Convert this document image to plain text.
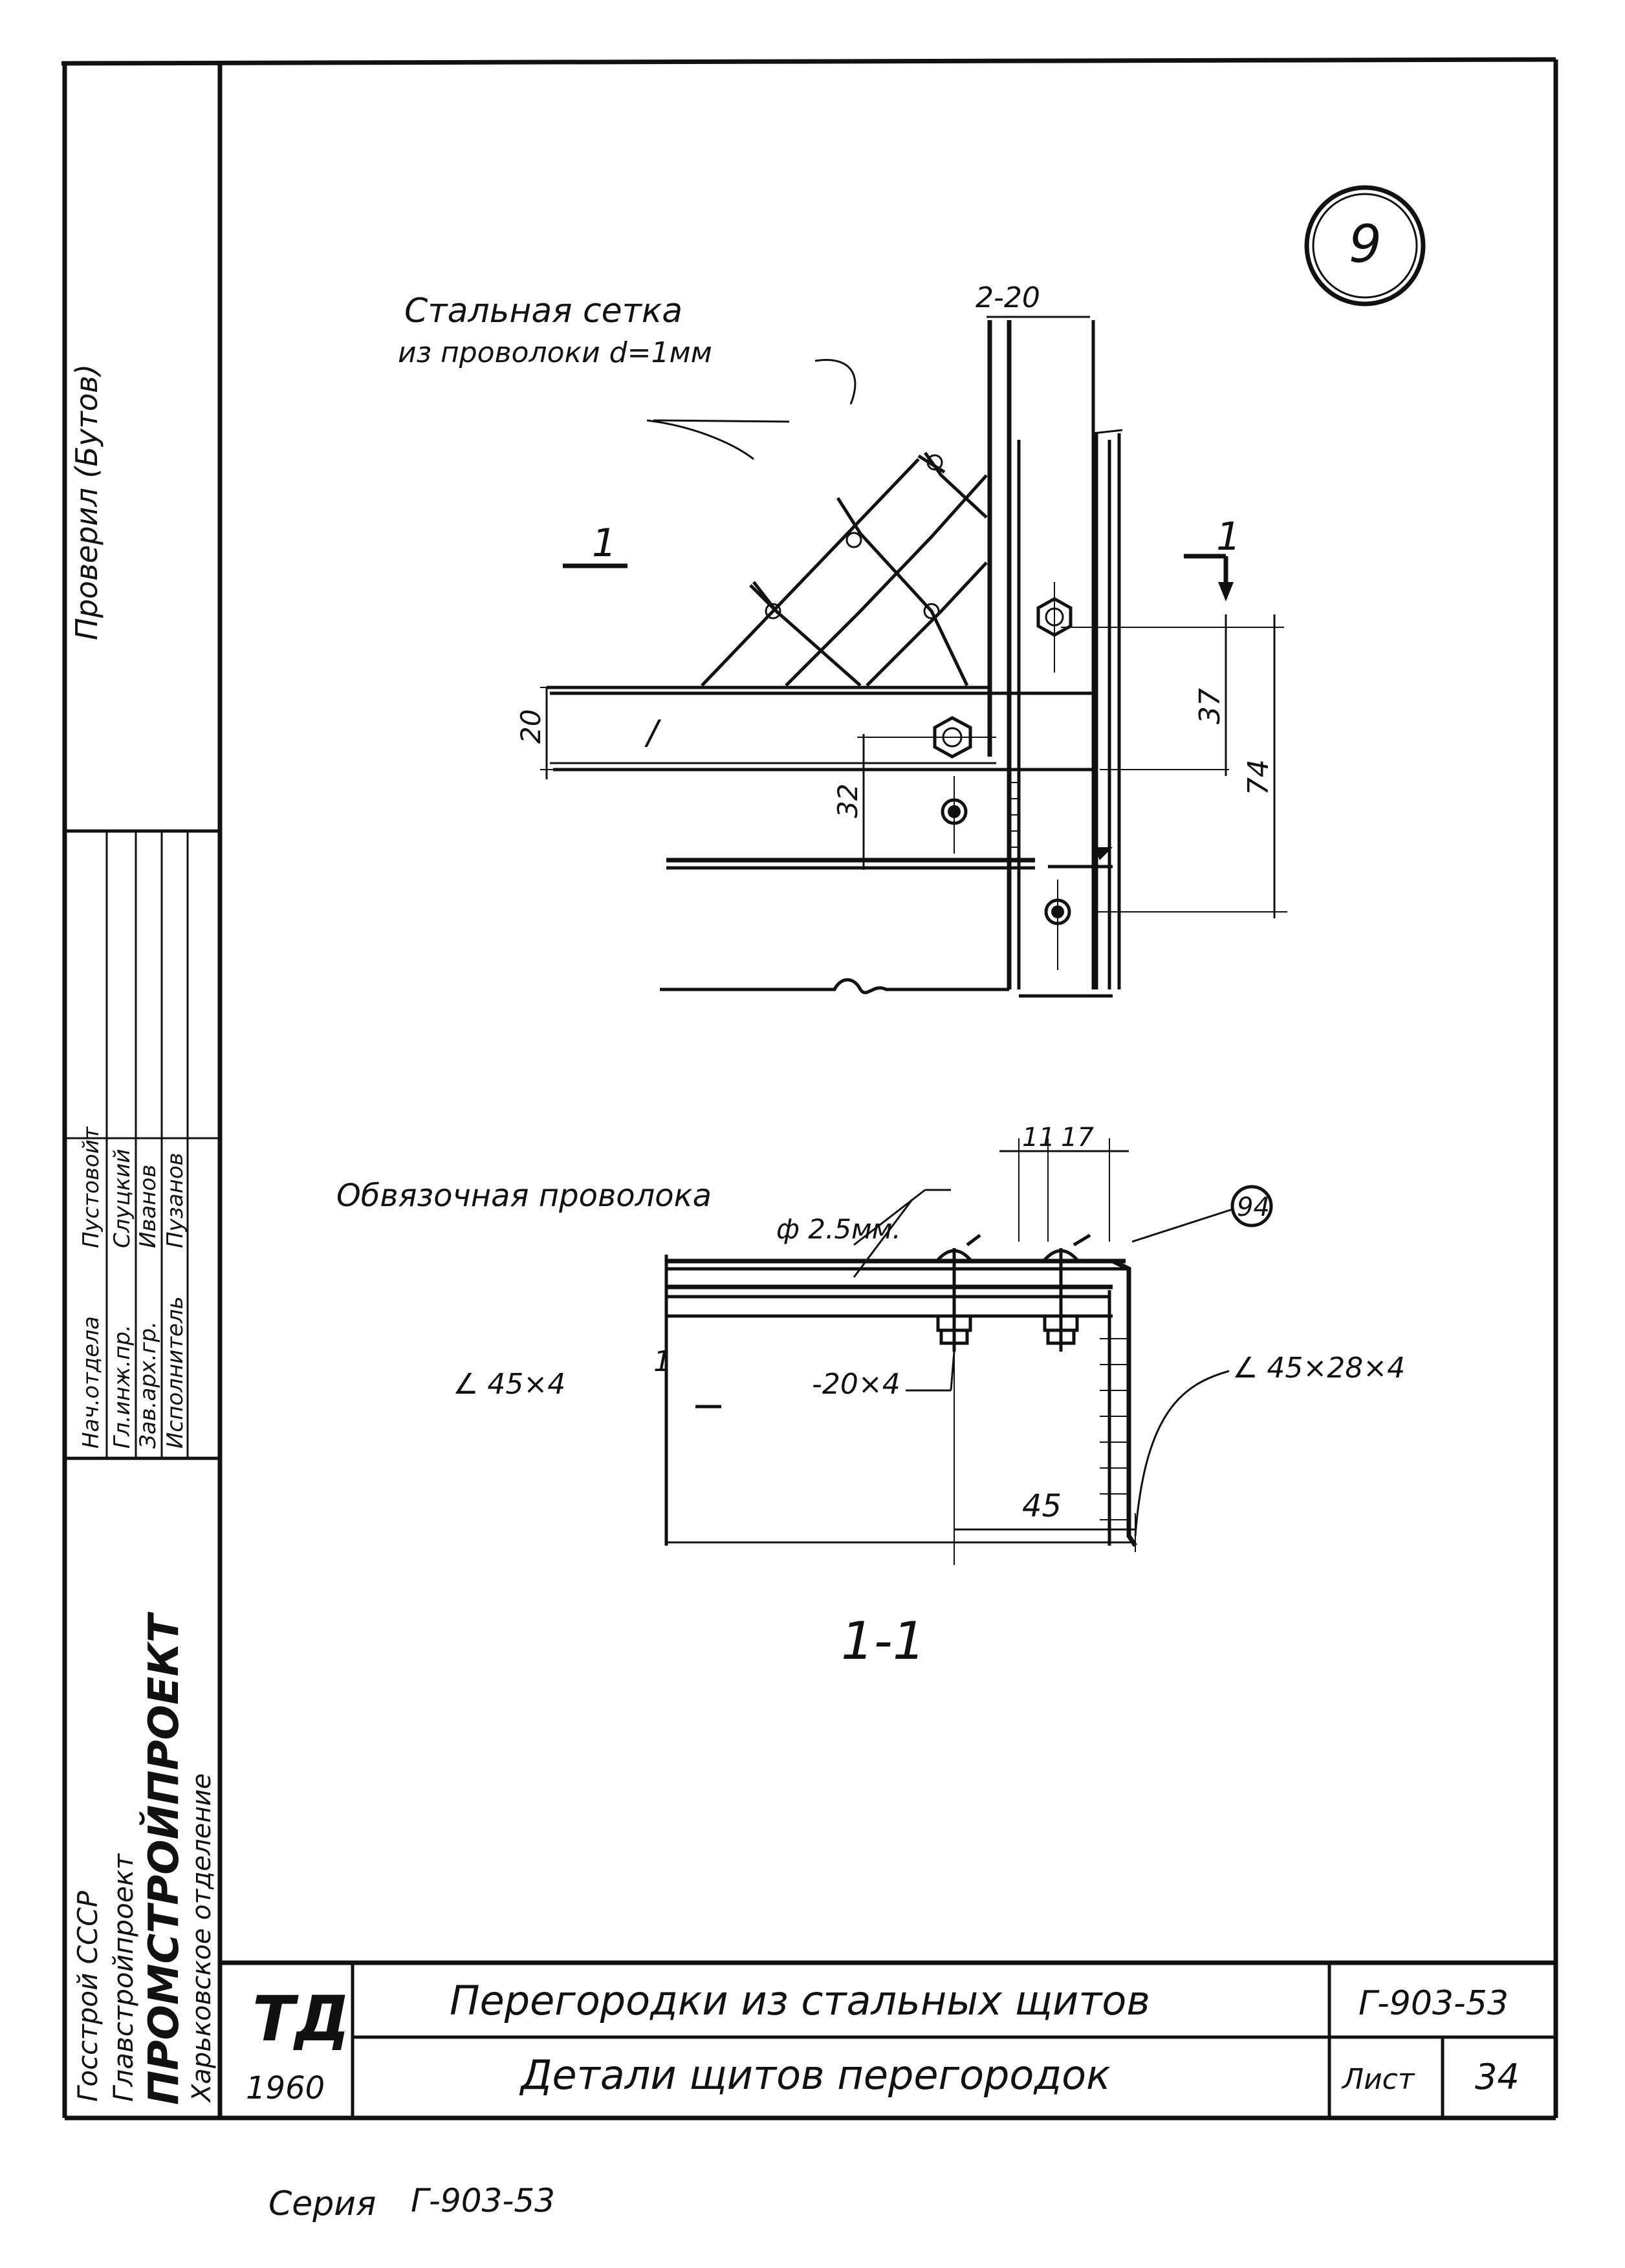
Проверил (Бутов)
Нач.отдела
Пустовойт
Гл.инж.пр.
Слуцкий
Зав.арх.гр.
Иванов
Исполнитель
Пузанов
Госстрой СССР Главстройпроект ПРОМСТРОЙПРОЕКТ
Харьковское отделение ТД
1960
Перегородки из стальных щитов
Детали щитов перегородок
Г-903-53
Лист 34
9
Стальная сетка
из проволоки d=1мм
2-20
1	1
20
32
/
37
74
11 17
Обвязочная проволока
ф 2.5мм.
94
∠ 45×4	-20×4	∠ 45×28×4
1
45
1-1
Серия Г-903-53
